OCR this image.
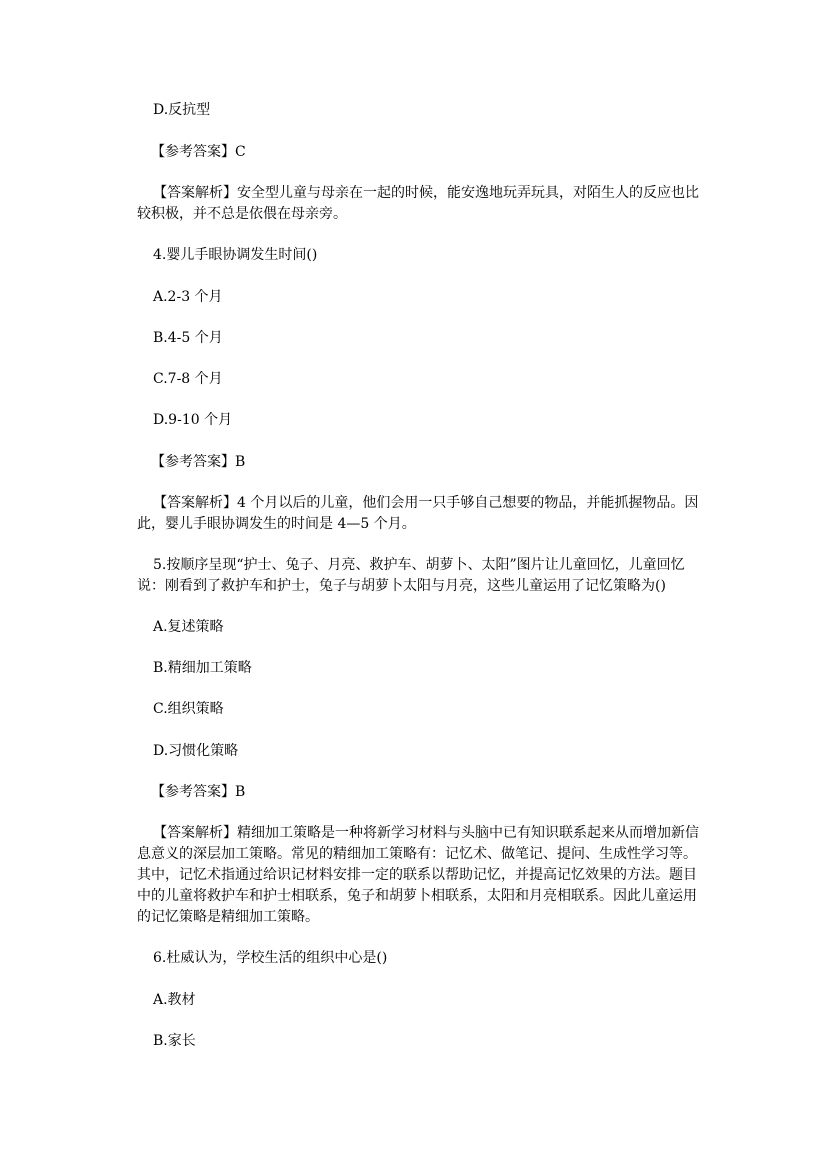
D.反抗型
【参考答案】C
【答案解析】安全型儿童与母亲在一起的时候，能安逸地玩弄玩具，对陌生人的反应也比较积极，并不总是依偎在母亲旁。
4.婴儿手眼协调发生时间()
A.2-3 个月
B.4-5 个月
C.7-8 个月
D.9-10 个月
【参考答案】B
【答案解析】4 个月以后的儿童，他们会用一只手够自己想要的物品，并能抓握物品。因此，婴儿手眼协调发生的时间是 4—5 个月。
5.按顺序呈现“护士、兔子、月亮、救护车、胡萝卜、太阳”图片让儿童回忆，儿童回忆说：刚看到了救护车和护士，兔子与胡萝卜太阳与月亮，这些儿童运用了记忆策略为()
A.复述策略
B.精细加工策略
C.组织策略
D.习惯化策略
【参考答案】B
【答案解析】精细加工策略是一种将新学习材料与头脑中已有知识联系起来从而增加新信息意义的深层加工策略。常见的精细加工策略有：记忆术、做笔记、提问、生成性学习等。其中，记忆术指通过给识记材料安排一定的联系以帮助记忆，并提高记忆效果的方法。题目中的儿童将救护车和护士相联系，兔子和胡萝卜相联系，太阳和月亮相联系。因此儿童运用的记忆策略是精细加工策略。
6.杜威认为，学校生活的组织中心是()
A.教材
B.家长
